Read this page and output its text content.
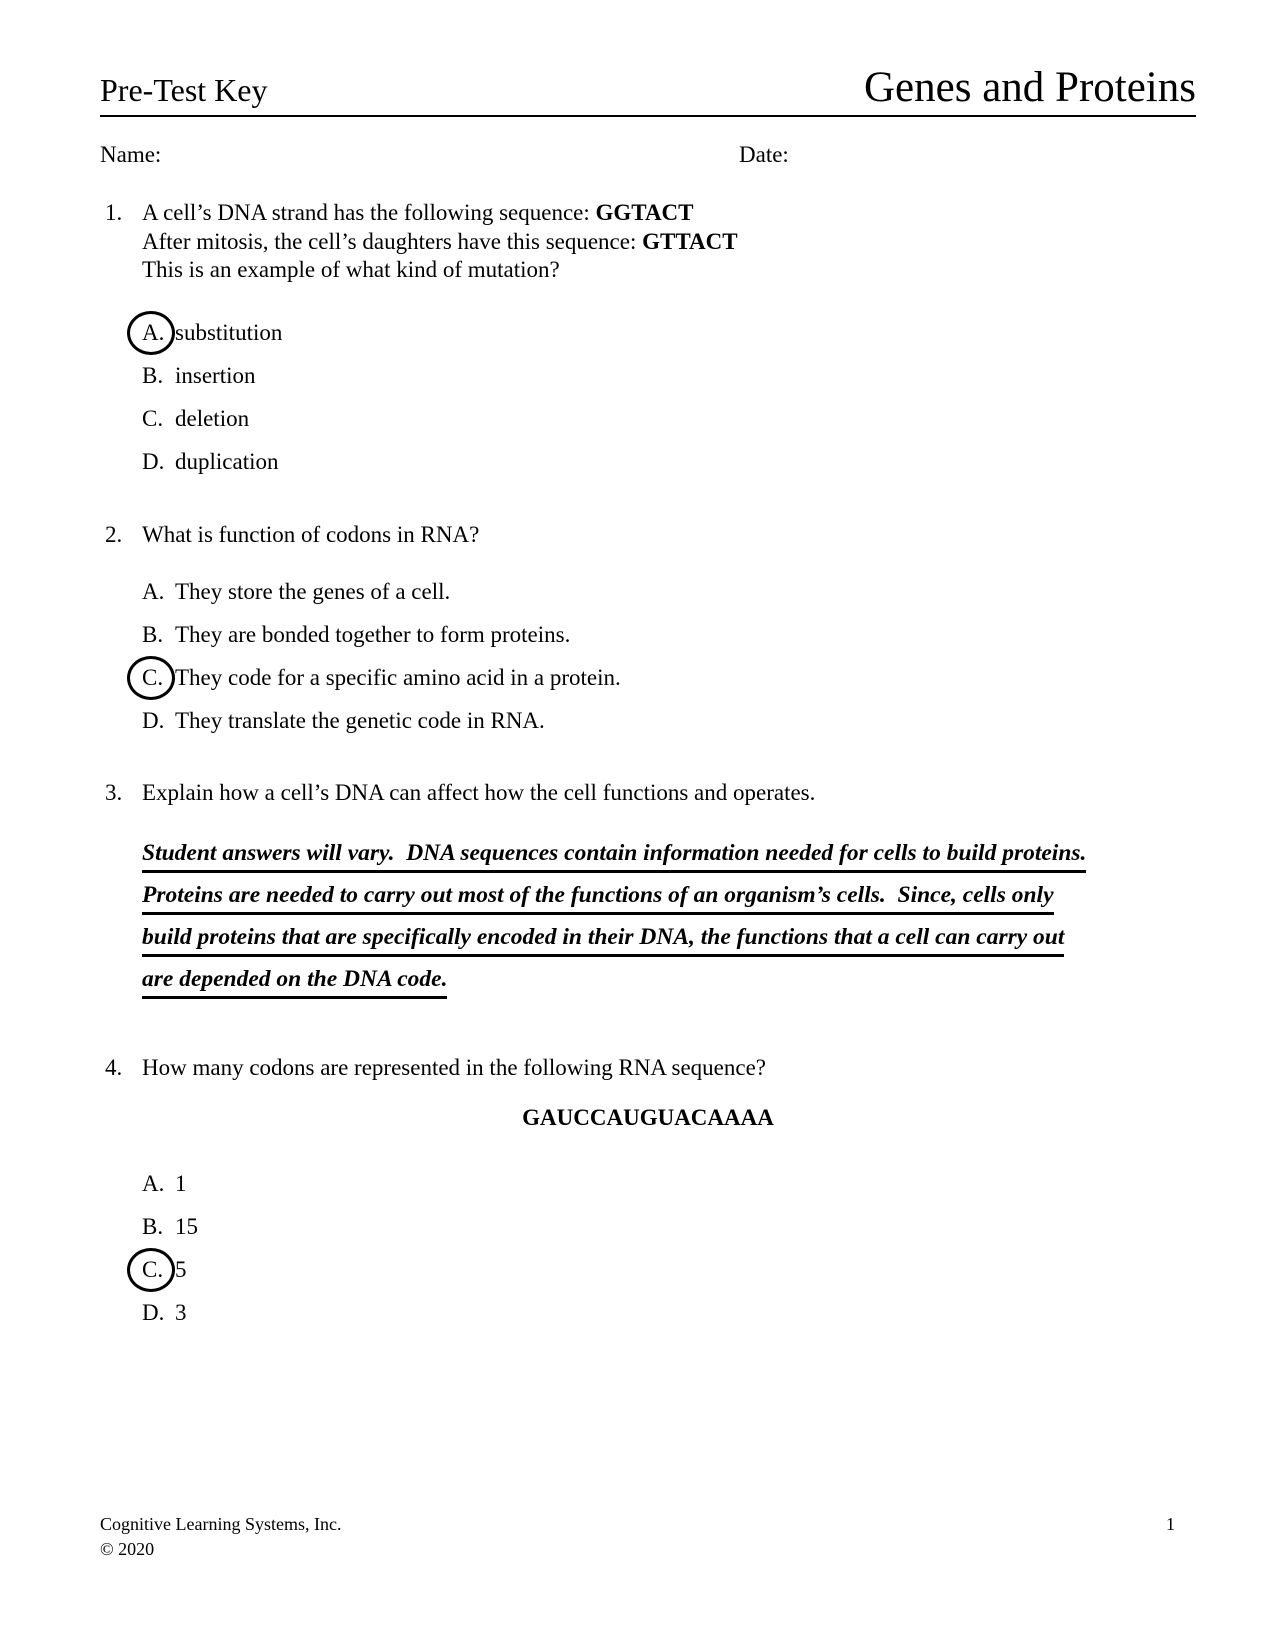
Pre-Test Key	Genes and Proteins
Name:	Date:
1. A cell’s DNA strand has the following sequence: GGTACT
After mitosis, the cell’s daughters have this sequence: GTTACT
This is an example of what kind of mutation?
A. substitution
B. insertion
C. deletion
D. duplication
2. What is function of codons in RNA?
A. They store the genes of a cell.
B. They are bonded together to form proteins.
C. They code for a specific amino acid in a protein.
D. They translate the genetic code in RNA.
3. Explain how a cell’s DNA can affect how the cell functions and operates.
Student answers will vary.  DNA sequences contain information needed for cells to build proteins.
Proteins are needed to carry out most of the functions of an organism’s cells.  Since, cells only
build proteins that are specifically encoded in their DNA, the functions that a cell can carry out
are depended on the DNA code.
4. How many codons are represented in the following RNA sequence?
GAUCCAUGUACAAAA
A. 1
B. 15
C. 5
D. 3
Cognitive Learning Systems, Inc.
© 2020
1
